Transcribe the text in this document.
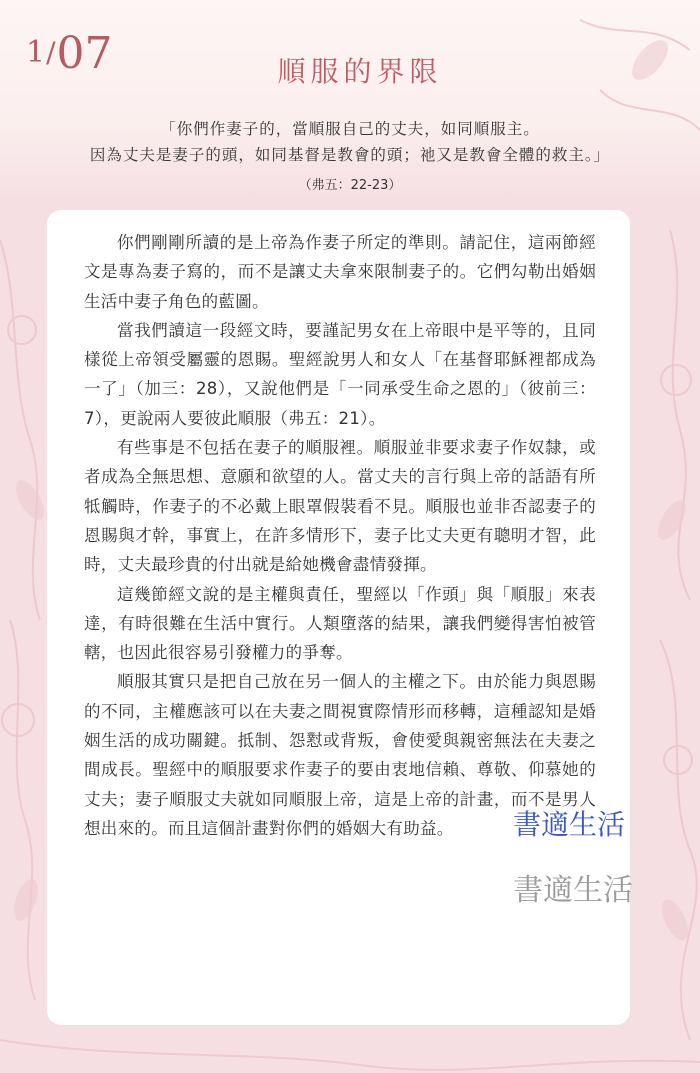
1/07	順服的界限
「你們作妻子的，當順服自己的丈夫，如同順服主。
因為丈夫是妻子的頭，如同基督是教會的頭；祂又是教會全體的救主。」
（弗五：22-23）

你們剛剛所讀的是上帝為作妻子所定的準則。請記住，這兩節經文是專為妻子寫的，而不是讓丈夫拿來限制妻子的。它們勾勒出婚姻生活中妻子角色的藍圖。

當我們讀這一段經文時，要謹記男女在上帝眼中是平等的，且同樣從上帝領受屬靈的恩賜。聖經說男人和女人「在基督耶穌裡都成為一了」（加三：28），又說他們是「一同承受生命之恩的」（彼前三：7），更說兩人要彼此順服（弗五：21）。

有些事是不包括在妻子的順服裡。順服並非要求妻子作奴隸，或者成為全無思想、意願和欲望的人。當丈夫的言行與上帝的話語有所牴觸時，作妻子的不必戴上眼罩假裝看不見。順服也並非否認妻子的恩賜與才幹，事實上，在許多情形下，妻子比丈夫更有聰明才智，此時，丈夫最珍貴的付出就是給她機會盡情發揮。

這幾節經文說的是主權與責任，聖經以「作頭」與「順服」來表達，有時很難在生活中實行。人類墮落的結果，讓我們變得害怕被管轄，也因此很容易引發權力的爭奪。

順服其實只是把自己放在另一個人的主權之下。由於能力與恩賜的不同，主權應該可以在夫妻之間視實際情形而移轉，這種認知是婚姻生活的成功關鍵。抵制、怨懟或背叛，會使愛與親密無法在夫妻之間成長。聖經中的順服要求作妻子的要由衷地信賴、尊敬、仰慕她的丈夫；妻子順服丈夫就如同順服上帝，這是上帝的計畫，而不是男人想出來的。而且這個計畫對你們的婚姻大有助益。	書適生活
書適生活
